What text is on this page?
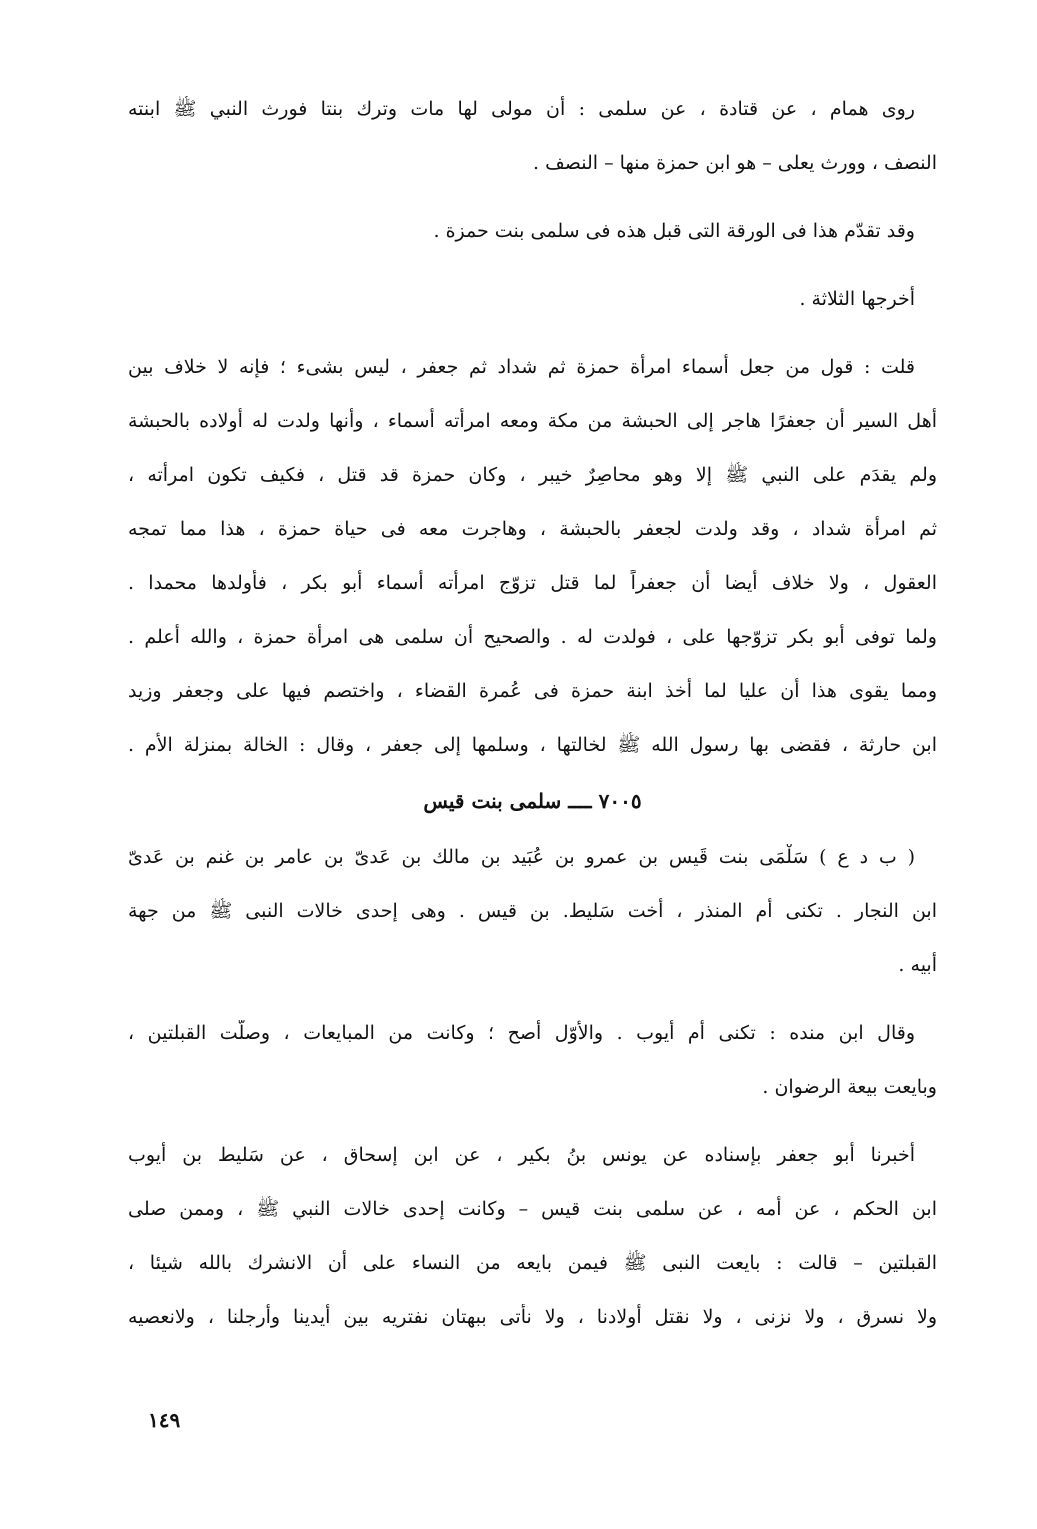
روى همام ، عن قتادة ، عن سلمى : أن مولى لها مات وترك بنتا فورث النبي ﷺ ابنته
النصف ، وورث يعلى – هو ابن حمزة منها – النصف .
وقد تقدّم هذا فى الورقة التى قبل هذه فى سلمى بنت حمزة .
أخرجها الثلاثة .
قلت : قول من جعل أسماء امرأة حمزة ثم شداد ثم جعفر ، ليس بشىء ؛ فإنه لا خلاف بين
أهل السير أن جعفرًا هاجر إلى الحبشة من مكة ومعه امرأته أسماء ، وأنها ولدت له أولاده بالحبشة
ولم يقدَم على النبي ﷺ إلا وهو محاصِرٌ خيبر ، وكان حمزة قد قتل ، فكيف تكون امرأته ،
ثم امرأة شداد ، وقد ولدت لجعفر بالحبشة ، وهاجرت معه فى حياة حمزة ، هذا مما تمجه
العقول ، ولا خلاف أيضا أن جعفراً لما قتل تزوّج امرأته أسماء أبو بكر ، فأولدها محمدا .
ولما توفى أبو بكر تزوّجها على ، فولدت له . والصحيح أن سلمى هى امرأة حمزة ، والله أعلم .
ومما يقوى هذا أن عليا لما أخذ ابنة حمزة فى عُمرة القضاء ، واختصم فيها على وجعفر وزيد
ابن حارثة ، فقضى بها رسول الله ﷺ لخالتها ، وسلمها إلى جعفر ، وقال : الخالة بمنزلة الأم .
٧٠٠٥ ــــ سلمى بنت قيس
( ب د ع ) سَلْمَى بنت قَيس بن عمرو بن عُبَيد بن مالك بن عَدىّ بن عامر بن غنم بن عَدىّ
ابن النجار . تكنى أم المنذر ، أُخت سَليط. بن قيس . وهى إحدى خالات النبى ﷺ من جهة
أبيه .
وقال ابن منده : تكنى أُم أيوب . والأوّل أصح ؛ وكانت من المبايعات ، وصلّت القبلتين ،
وبايعت بيعة الرضوان .
أخبرنا أبو جعفر بإسناده عن يونس بنُ بكير ، عن ابن إسحاق ، عن سَليط بن أيوب
ابن الحكم ، عن أمه ، عن سلمى بنت قيس – وكانت إحدى خالات النبي ﷺ ، وممن صلى
القبلتين – قالت : بايعت النبى ﷺ فيمن بايعه من النساء على أن الانشرك بالله شيئا ،
ولا نسرق ، ولا نزنى ، ولا نقتل أولادنا ، ولا نأتى ببهتان نفتريه بين أيدينا وأرجلنا ، ولانعصيه
١٤٩
